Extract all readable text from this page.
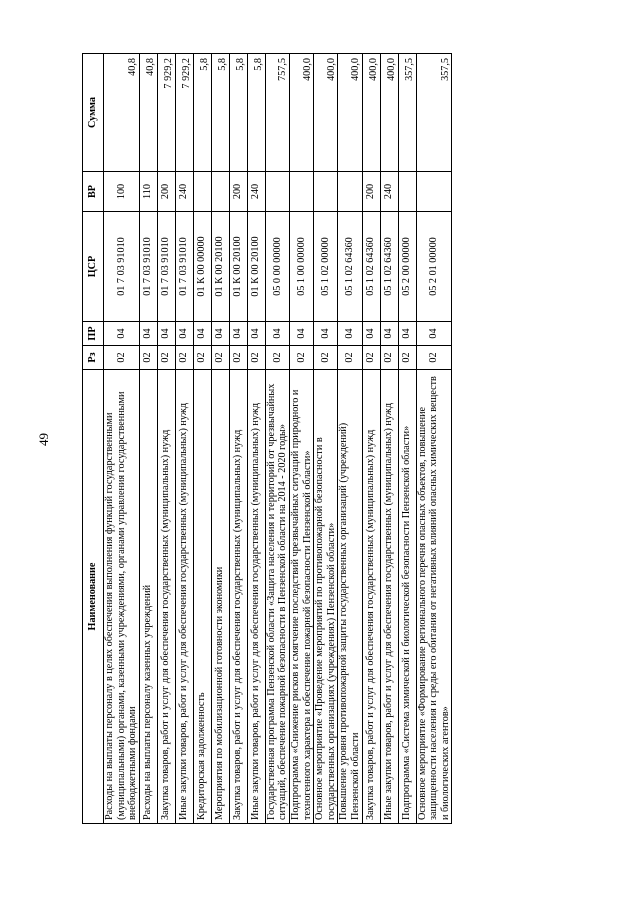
49
Наименование	Рз	ПР	ЦСР	ВР	Сумма
Расходы на выплаты персоналу в целях обеспечения выполнения функций государственными (муниципальными) органами, казенными учреждениями, органами управления государственными внебюджетными фондами	02	04	01 7 03 91010	100	40,8
Расходы на выплаты персоналу казенных учреждений	02	04	01 7 03 91010	110	40,8
Закупка товаров, работ и услуг для обеспечения государственных (муниципальных) нужд	02	04	01 7 03 91010	200	7 929,2
Иные закупки товаров, работ и услуг для обеспечения государственных (муниципальных) нужд	02	04	01 7 03 91010	240	7 929,2
Кредиторская задолженность	02	04	01 К 00 00000		5,8
Мероприятия по мобилизационной готовности экономики	02	04	01 К 00 20100		5,8
Закупка товаров, работ и услуг для обеспечения государственных (муниципальных) нужд	02	04	01 К 00 20100	200	5,8
Иные закупки товаров, работ и услуг для обеспечения государственных (муниципальных) нужд	02	04	01 К 00 20100	240	5,8
Государственная программа Пензенской области «Защита населения и территорий от чрезвычайных ситуаций, обеспечение пожарной безопасности в Пензенской области на 2014 - 2020 годы»	02	04	05 0 00 00000		757,5
Подпрограмма «Снижение рисков и смягчение последствий чрезвычайных ситуаций природного и техногенного характера и обеспечение пожарной безопасности Пензенской области»	02	04	05 1 00 00000		400,0
Основное мероприятие «Проведение мероприятий по противопожарной безопасности в государственных организациях (учреждениях) Пензенской области»	02	04	05 1 02 00000		400,0
Повышение уровня противопожарной защиты государственных организаций (учреждений) Пензенской области	02	04	05 1 02 64360		400,0
Закупка товаров, работ и услуг для обеспечения государственных (муниципальных) нужд	02	04	05 1 02 64360	200	400,0
Иные закупки товаров, работ и услуг для обеспечения государственных (муниципальных) нужд	02	04	05 1 02 64360	240	400,0
Подпрограмма «Система химической и биологической безопасности Пензенской области»	02	04	05 2 00 00000		357,5
Основное мероприятие «Формирование регионального перечня опасных объектов, повышение защищенности населения и среды его обитания от негативных влияний опасных химических веществ и биологических агентов»	02	04	05 2 01 00000		357,5
